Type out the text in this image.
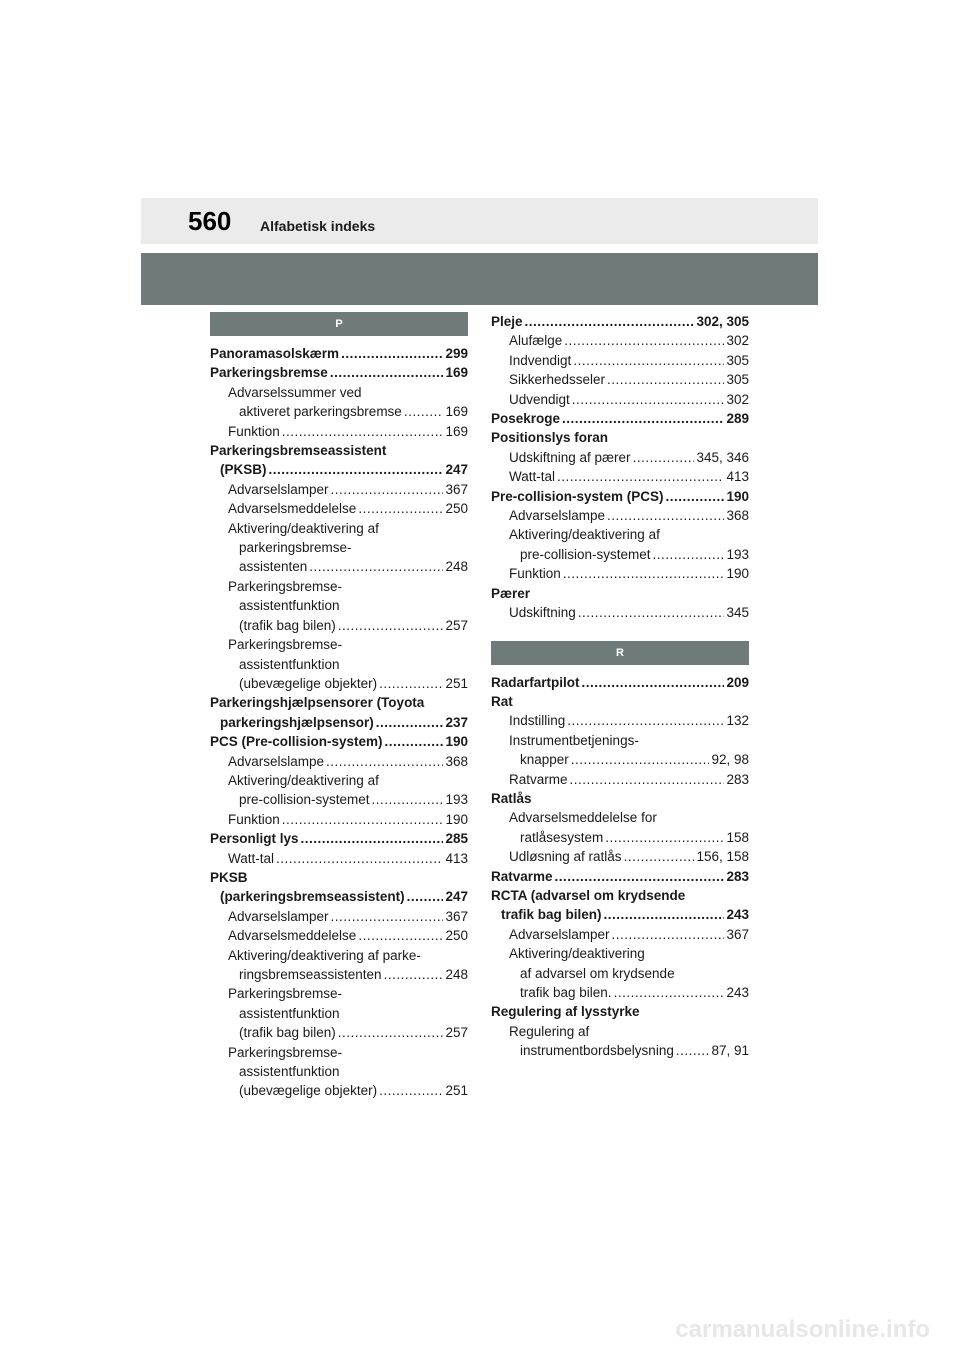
560 Alfabetisk indeks
P
Panoramasolskærm .....	299
Parkeringsbremse .....	169
Advarselssummer ved
aktiveret parkeringsbremse .....	169
Funktion .....	169
Parkeringsbremseassistent
(PKSB) .....	247
Advarselslamper .....	367
Advarselsmeddelelse .....	250
Aktivering/deaktivering af
parkeringsbremse-
assistenten .....	248
Parkeringsbremse-
assistentfunktion
(trafik bag bilen) .....	257
Parkeringsbremse-
assistentfunktion
(ubevægelige objekter) .....	251
Parkeringshjælpsensorer (Toyota
parkeringshjælpsensor) .....	237
PCS (Pre-collision-system) .....	190
Advarselslampe .....	368
Aktivering/deaktivering af
pre-collision-systemet .....	193
Funktion .....	190
Personligt lys .....	285
Watt-tal .....	413
PKSB
(parkeringsbremseassistent) .....	247
Advarselslamper .....	367
Advarselsmeddelelse .....	250
Aktivering/deaktivering af parke-
ringsbremseassistenten .....	248
Parkeringsbremse-
assistentfunktion
(trafik bag bilen) .....	257
Parkeringsbremse-
assistentfunktion
(ubevægelige objekter) .....	251
Pleje .....	302, 305
Alufælge .....	302
Indvendigt .....	305
Sikkerhedsseler .....	305
Udvendigt .....	302
Posekroge .....	289
Positionslys foran
Udskiftning af pærer .....	345, 346
Watt-tal .....	413
Pre-collision-system (PCS) .....	190
Advarselslampe .....	368
Aktivering/deaktivering af
pre-collision-systemet .....	193
Funktion .....	190
Pærer
Udskiftning .....	345
R
Radarfartpilot .....	209
Rat
Indstilling .....	132
Instrumentbetjenings-
knapper .....	92, 98
Ratvarme .....	283
Ratlås
Advarselsmeddelelse for
ratlåsesystem .....	158
Udløsning af ratlås .....	156, 158
Ratvarme .....	283
RCTA (advarsel om krydsende
trafik bag bilen) .....	243
Advarselslamper .....	367
Aktivering/deaktivering
af advarsel om krydsende
trafik bag bilen. .....	243
Regulering af lysstyrke
Regulering af
instrumentbordsbelysning .....	87, 91
carmanualsonline.info
